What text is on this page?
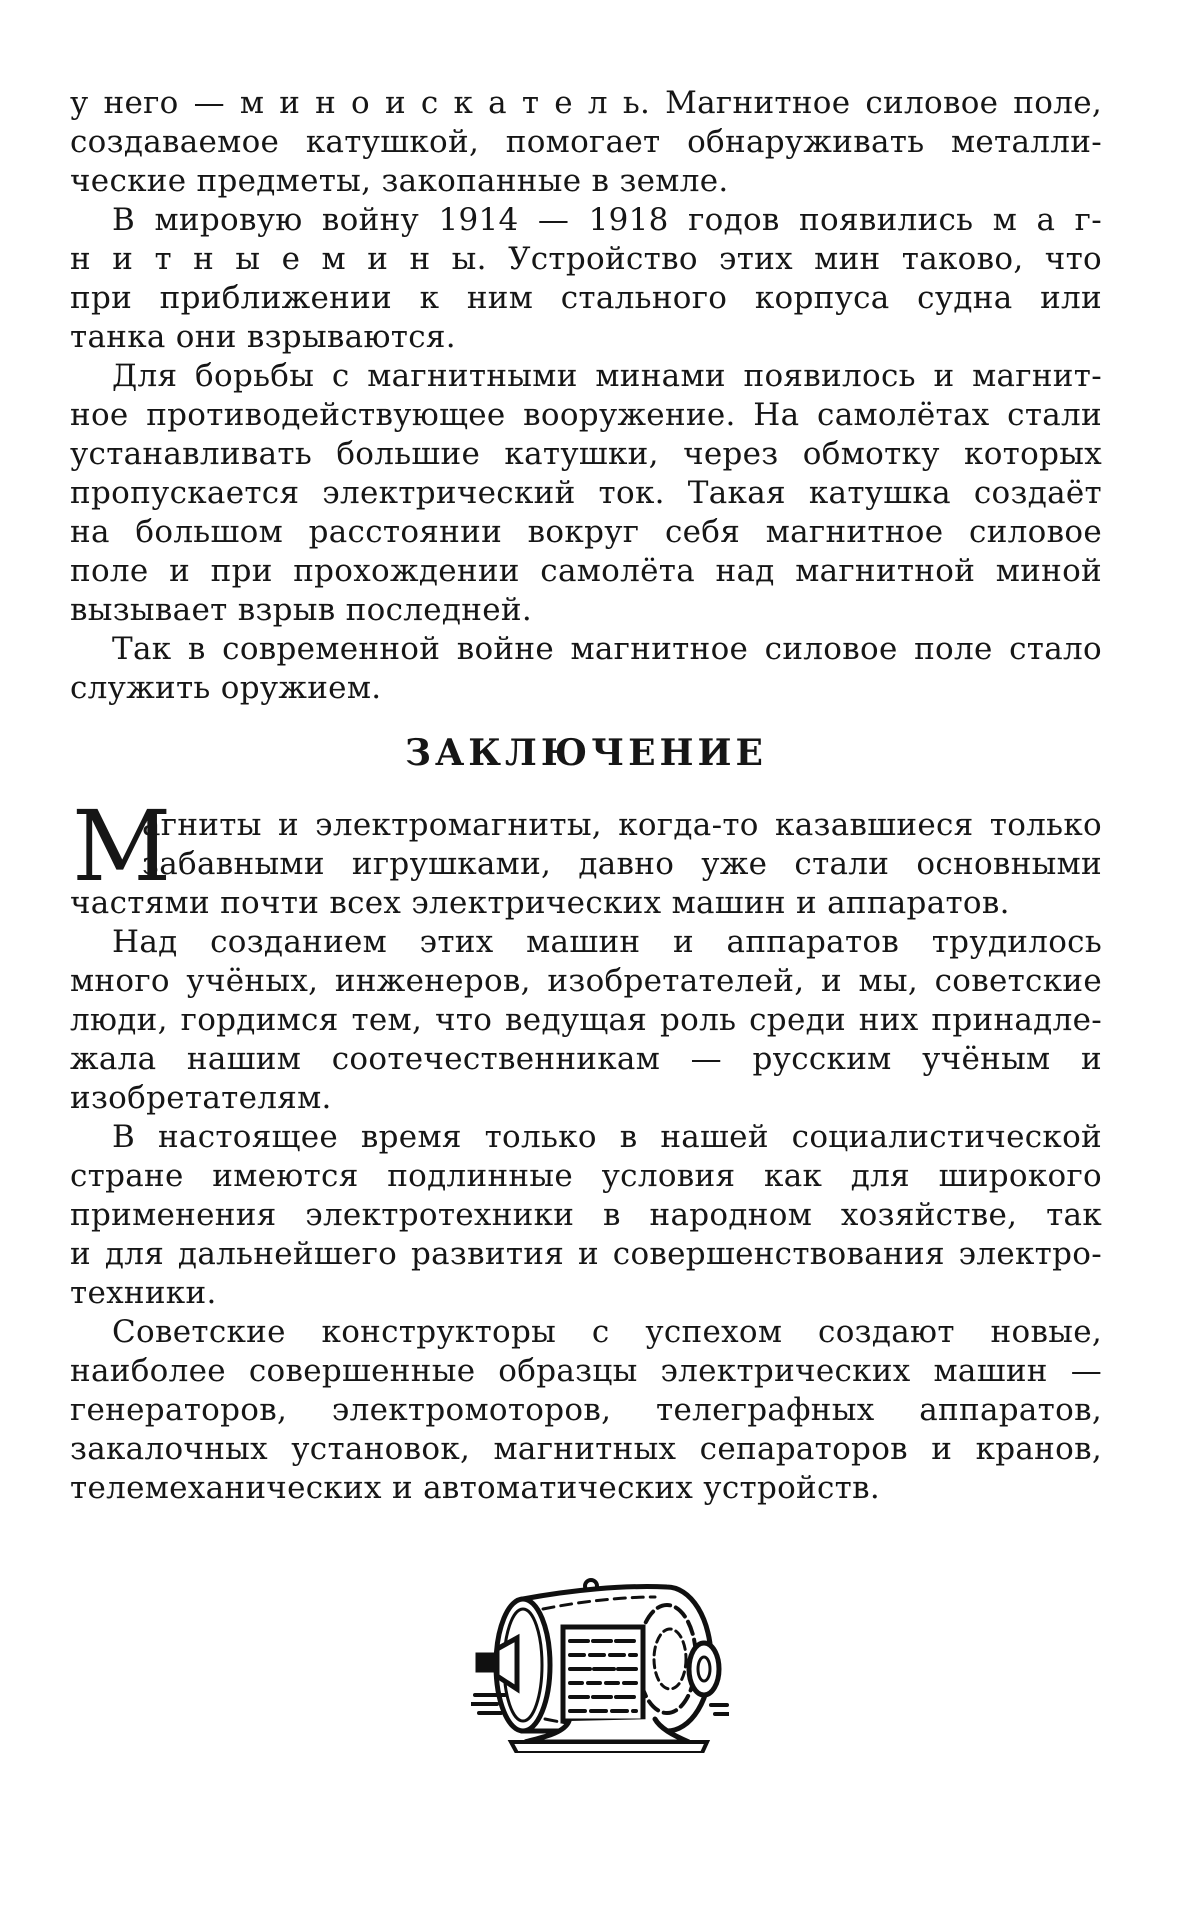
у него — м и н о и с к а т е л ь. Магнитное силовое поле,
создаваемое катушкой, помогает обнаруживать металли-
ческие предметы, закопанные в земле.
В мировую войну 1914 — 1918 годов появились м а г-
н и т н ы е м и н ы. Устройство этих мин таково, что
при приближении к ним стального корпуса судна или
танка они взрываются.
Для борьбы с магнитными минами появилось и магнит-
ное противодействующее вооружение. На самолётах стали
устанавливать большие катушки, через обмотку которых
пропускается электрический ток. Такая катушка создаёт
на большом расстоянии вокруг себя магнитное силовое
поле и при прохождении самолёта над магнитной миной
вызывает взрыв последней.
Так в современной войне магнитное силовое поле стало
служить оружием.
ЗАКЛЮЧЕНИЕ
М
агниты и электромагниты, когда-то казавшиеся только
забавными игрушками, давно уже стали основными
частями почти всех электрических машин и аппаратов.
Над созданием этих машин и аппаратов трудилось
много учёных, инженеров, изобретателей, и мы, советские
люди, гордимся тем, что ведущая роль среди них принадле-
жала нашим соотечественникам — русским учёным и
изобретателям.
В настоящее время только в нашей социалистической
стране имеются подлинные условия как для широкого
применения электротехники в народном хозяйстве, так
и для дальнейшего развития и совершенствования электро-
техники.
Советские конструкторы с успехом создают новые,
наиболее совершенные образцы электрических машин —
генераторов, электромоторов, телеграфных аппаратов,
закалочных установок, магнитных сепараторов и кранов,
телемеханических и автоматических устройств.
